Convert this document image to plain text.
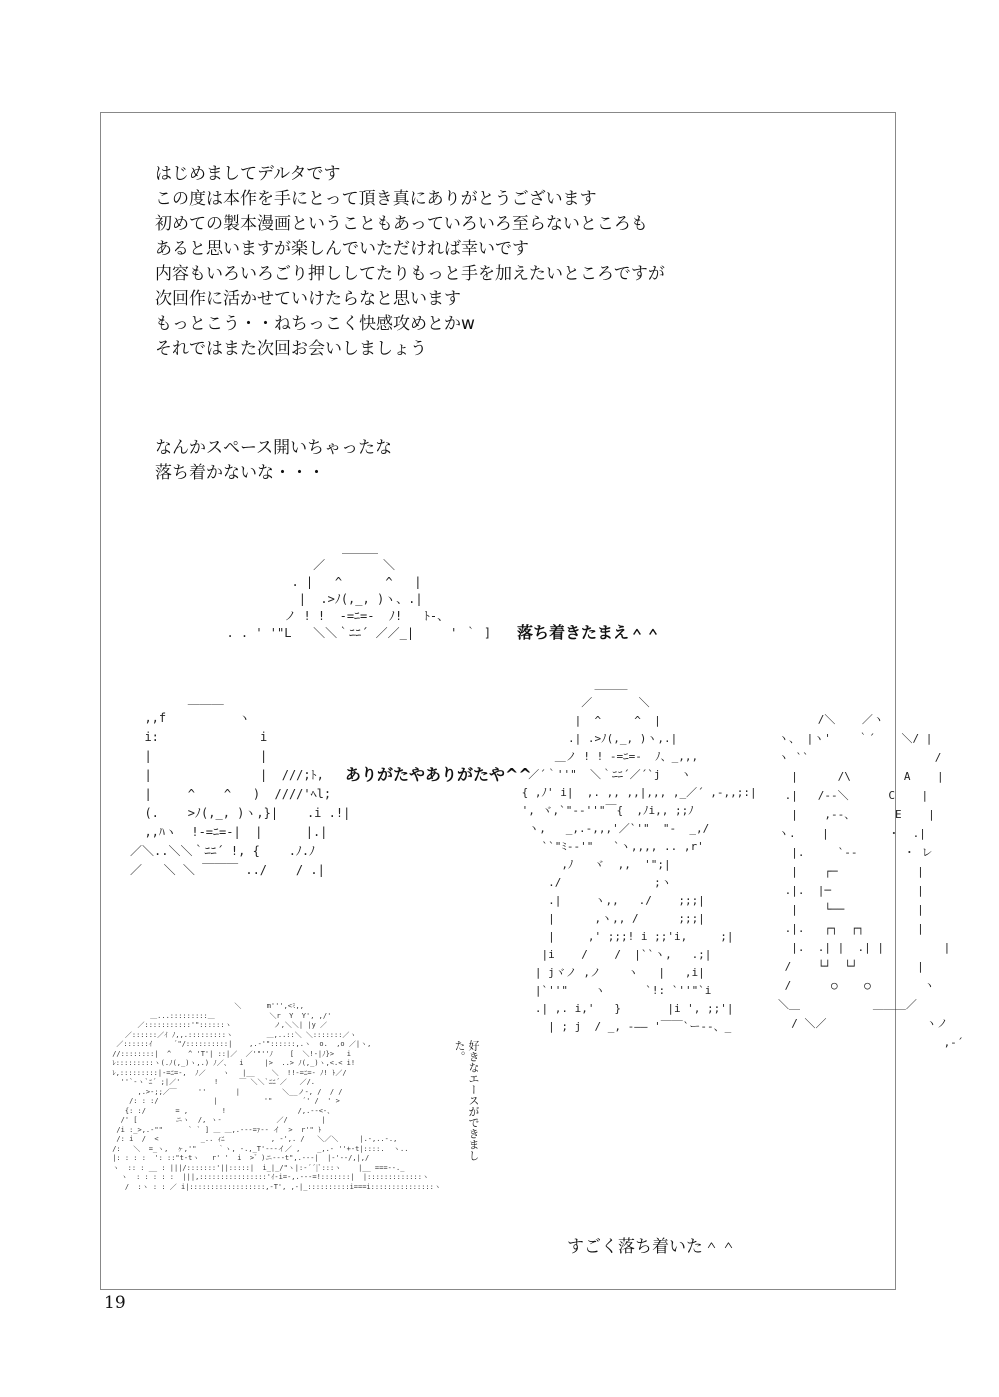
はじめましてデルタです
この度は本作を手にとって頂き真にありがとうございます
初めての製本漫画ということもあっていろいろ至らないところも
あると思いますが楽しんでいただければ幸いです
内容もいろいろごり押ししてたりもっと手を加えたいところですが
次回作に活かせていけたらなと思います
もっとこう・・ねちっこく快感攻めとかw
それではまた次回お会いしましょう
なんかスペース開いちゃったな
落ち着かないな・・・
＿＿＿
／        ＼
. |   ^      ^   |
|  .>ﾉ(,_, )ヽ、.|
ノ ! !  -=ﾆ=-  ﾉ!   ﾄ-、
. . ' '"L   ＼＼｀ﾆﾆ´ ／／_|     ' ｀ ] 落ち着きたまえ＾＾
＿＿＿
,,f          ヽ
i:              i
|               |
|               |  ///;ﾄ,
|     ^    ^   )  ////'ﾍl;
(.    >ﾉ(,_, )ヽ,}|    .i .!|
,,ﾊヽ  !-=ﾆ=-|  |      |.|
／＼..＼＼｀ﾆﾆ´ !, {    .ﾉ.ﾉ
／   ＼ ＼ ￣￣￣ ../    / .|
＿＿＿
／       ＼
|  ^     ^  |
.| .>ﾉ(,_, )ヽ,.|
＿ノ ! ! -=ﾆ=-  ﾉ、_,,,
／´｀''"  ＼｀ﾆﾆ´／´`j   ヽ
{ ,ﾉ' i|  ,. ,, ,,|,,, ,_／´ ,-,,;:|
', ヾ,`"--''"￣{  ,ﾉi,, ;;ﾉ
ヽ,   _,.-,,,'／`'"  "-  _,/
``"ﾐ--'"   `ヽ,,,, .. ,r'
,ﾉ   ヾ  ,,  '";|
./              ;ヽ
.|     ヽ,,   ./    ;;;|
|      ,ヽ,, /      ;;;|
|     ,' ;;;! i ;;'i,     ;|
|i    /    /  |``ヽ,   .;|
| jヾノ ,ノ    ヽ   |   ,i|
|`''"    ヽ      `!: `''"`i
.| ,. i,'   }       |i ', ;;'|
| ; j  / _, -―― '￣￣`ー-‐、_
ありがたやありがたや^^
/＼    ／ヽ
ヽ、 |ヽ'    ｀´    ＼/ |
ヽ ``                   /
|      /\        A    |
.|   /--＼      C    |
|    ,--、      E    |
ヽ.    |         ・  .|
|.     `--       ・ レ
|    ┌─            |
.|.  |─             |
|    └──           |
.|.   ┌┐  ┌┐        |
|.  .| |  .| |         |
/    └┘  └┘         |
/      ○    ○        ヽ
＼＿           ＿＿＿／
/ ＼／               ヽノ
,-´
＼      m''',<ﾐ,,
＿...:::::::::＿             ＼r  Y  Y', ,/'
／:::::::::::'"::::::ヽ          ノ,＼＼| |y ／
／::::::／ｲ ﾉ,,.:::::::::ヽ        ＿,..::＼ ＼:::::::／ヽ
／::::::ｲ     ´"/::::::::::|    ,.-'"::::::,.ヽ  o.  ,o ／|ヽ,
//::::::::|  ^    ^ 'T'| ::|／  ／'"''ﾉ    [  ＼!-|ﾉ}>   i
ﾚ:::::::::ヽ(.ﾉ(,_)ヽ,.) ﾉ／、  i     |>  ..> ﾉ(,_)ヽ,<.< i!
ﾚ,:::::::::|-=ﾆ=-,  ﾉ／    ヽ   |__    ＼  !!-=ﾆ=- ﾉ! ﾄ／/
''`-ヽ`ﾆ´ ;|／'        !     ￣ ＼＼`ﾆﾆ´／   ／/.
,.>-;;／￣     ''       |          ＼__ノ-, /  / /
/: : :/             |           '"       ´' /  ' >
{: :/       = ,        !                 /,.-‐<-、
/' [         ニヽ  /, ヽ-             ／/        |
/i :_>,.-""      ` ` ] ＿ ＿,.-‐-=ｧ-- イ  >  r'" ﾄ
/: i  /  <          _.. ｨﾆ           , -',. /   ＼／＼     |.-,..-.,
/:   ＼  =_ヽ,  ヶ,'"     ｀ヽ, -.,_T'--‐イ／ ,    _,.- ''+-t|::::.  ヽ..
|: : : :  ': ::"t-tヽ   r' '  i  >゛)ニ-‐-t",.--‐|  |-'-‐/,|,/
ヽ  :: : __ : |||/:::::::'||:::::|  i_|_/"ヽ|:-´´|ﾞ:::ヽ    |__ ===--._
ヽ  : : : : :  |||,::::::::::::::::'ｲ-i=-,.-‐‐=!:::::::|  |:::::::::::::ヽ
/  :ヽ : : ／ i|::::::::::::::::::,-T', ,-|_::::::::::i===i:::::::::::::::ヽ
好きなエースができました。
すごく落ち着いた＾＾
19
